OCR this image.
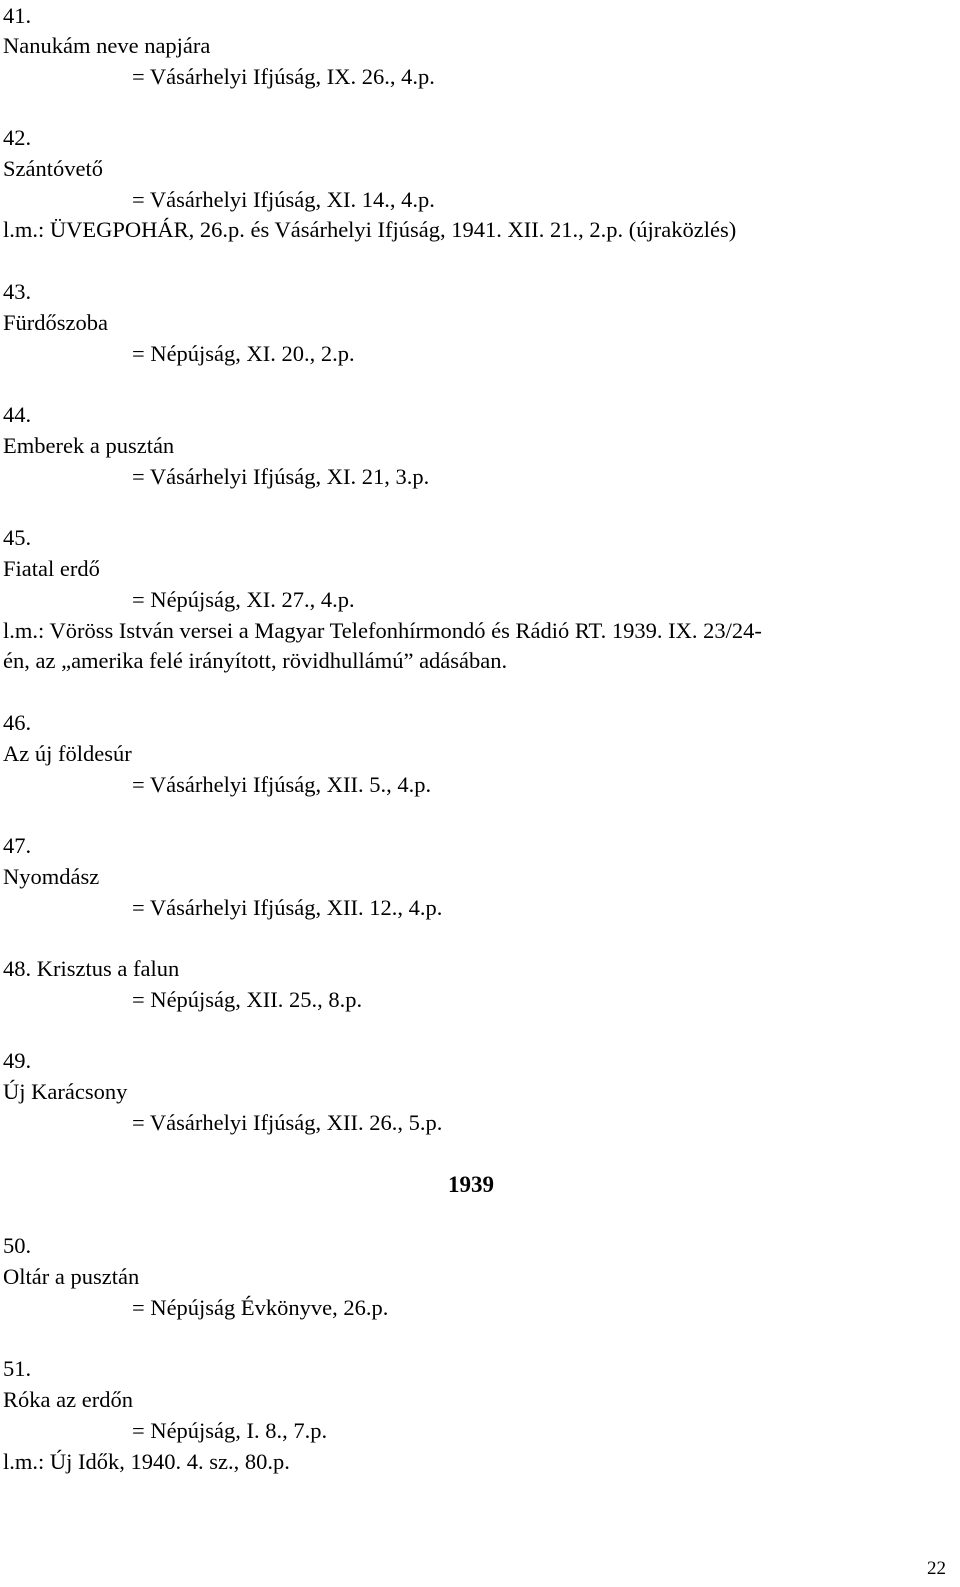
41.
Nanukám neve napjára
= Vásárhelyi Ifjúság, IX. 26., 4.p.
42.
Szántóvető
= Vásárhelyi Ifjúság, XI. 14., 4.p.
l.m.: ÜVEGPOHÁR, 26.p. és Vásárhelyi Ifjúság, 1941. XII. 21., 2.p. (újraközlés)
43.
Fürdőszoba
= Népújság, XI. 20., 2.p.
44.
Emberek a pusztán
= Vásárhelyi Ifjúság, XI. 21, 3.p.
45.
Fiatal erdő
= Népújság, XI. 27., 4.p.
l.m.: Vöröss István versei a Magyar Telefonhírmondó és Rádió RT. 1939. IX. 23/24-
én, az „amerika felé irányított, rövidhullámú” adásában.
46.
Az új földesúr
= Vásárhelyi Ifjúság, XII. 5., 4.p.
47.
Nyomdász
= Vásárhelyi Ifjúság, XII. 12., 4.p.
48. Krisztus a falun
= Népújság, XII. 25., 8.p.
49.
Új Karácsony
= Vásárhelyi Ifjúság, XII. 26., 5.p.
1939
50.
Oltár a pusztán
= Népújság Évkönyve, 26.p.
51.
Róka az erdőn
= Népújság, I. 8., 7.p.
l.m.: Új Idők, 1940. 4. sz., 80.p.
22
